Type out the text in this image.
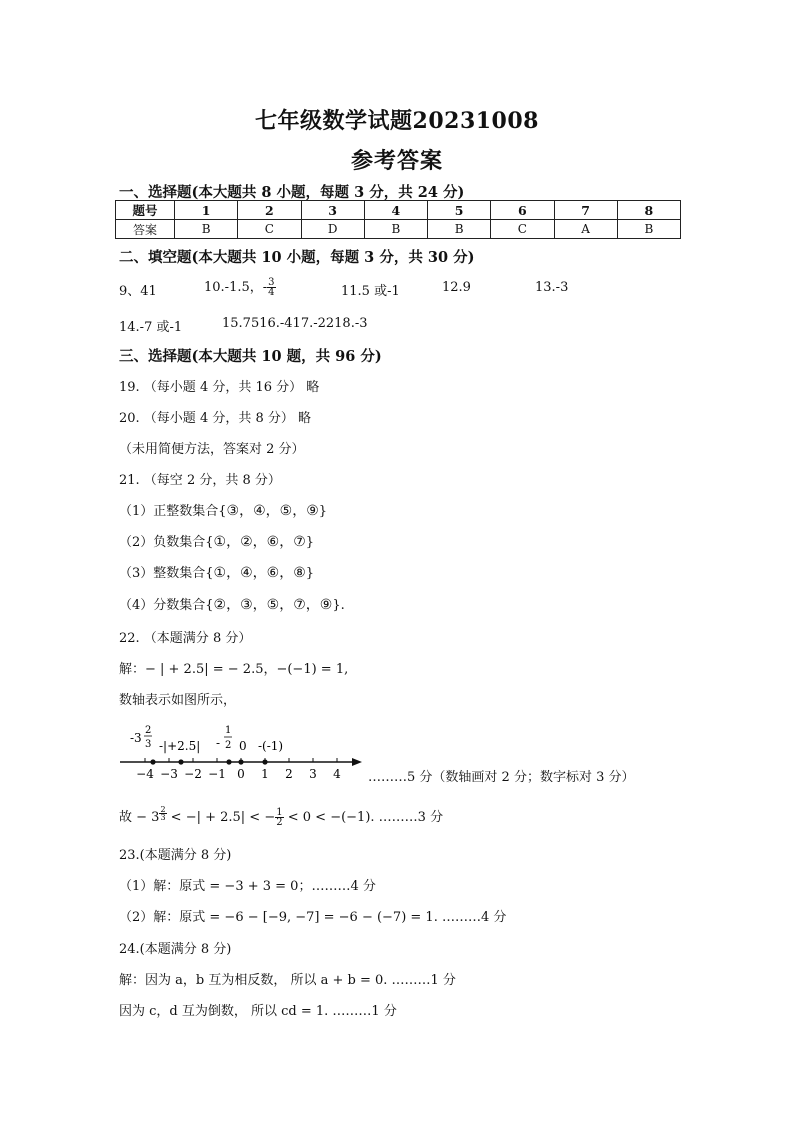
七年级数学试题20231008
参考答案
一、选择题(本大题共 8 小题，每题 3 分，共 24 分)
题号	1	2	3	4	5	6	7	8
答案	B	C	D	B	B	C	A	B
二、填空题(本大题共 10 小题，每题 3 分，共 30 分)
9、41	10.-1.5，- $\frac{3}{4}$	11.5 或-1	12.9	13.-3
14.-7 或-1	15.7516.-417.-2218.-3
三、选择题(本大题共 10 题，共 96 分)
19. （每小题 4 分，共 16 分） 略
20. （每小题 4 分，共 8 分） 略
（未用简便方法，答案对 2 分）
21. （每空 2 分，共 8 分）
（1）正整数集合{③，④，⑤，⑨}
（2）负数集合{①，②，⑥，⑦}
（3）整数集合{①，④，⑥，⑧}
（4）分数集合{②，③，⑤，⑦，⑨}.
22. （本题满分 8 分）
解：− | + 2.5| = − 2.5，−(−1) = 1,
数轴表示如图所示，
−4 −3 −2 −1 0 1 2 3 4
-3
2
3 -|+2.5| -
1
2 0 -(-1)
………5 分（数轴画对 2 分；数字标对 3 分）
故 − $3 \frac{2}{3}$ < −| + 2.5| < − $\frac{1}{2} < 0 < -(-1)$. ………3 分
23.(本题满分 8 分)
（1）解：原式 = −3 + 3 = 0；………4 分
（2）解：原式 = −6 − [−9, −7] = −6 − (−7) = 1. ………4 分
24.(本题满分 8 分)
解：因为 a，b 互为相反数， 所以 a + b = 0. ………1 分
因为 c，d 互为倒数， 所以 cd = 1. ………1 分
